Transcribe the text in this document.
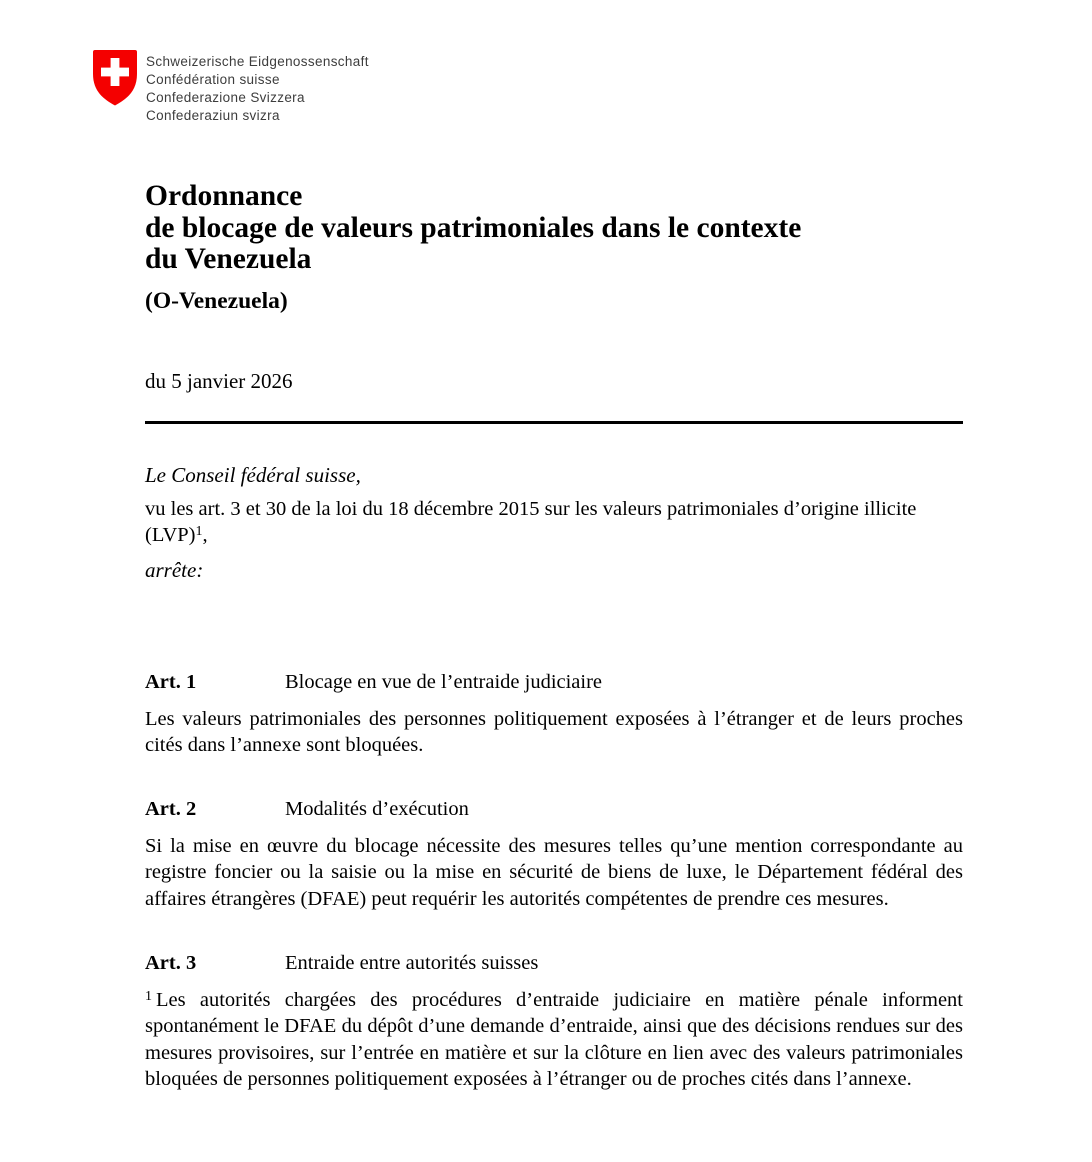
Schweizerische Eidgenossenschaft
Confédération suisse
Confederazione Svizzera
Confederaziun svizra
Ordonnance
de blocage de valeurs patrimoniales dans le contexte
du Venezuela
(O-Venezuela)
du 5 janvier 2026
Le Conseil fédéral suisse,
vu les art. 3 et 30 de la loi du 18 décembre 2015 sur les valeurs patrimoniales d’origine illicite (LVP)$^1$,
arrête:
Art. 1	Blocage en vue de l’entraide judiciaire

Les valeurs patrimoniales des personnes politiquement exposées à l’étranger et de leurs proches cités dans l’annexe sont bloquées.

Art. 2	Modalités d’exécution

Si la mise en œuvre du blocage nécessite des mesures telles qu’une mention correspondante au registre foncier ou la saisie ou la mise en sécurité de biens de luxe, le Département fédéral des affaires étrangères (DFAE) peut requérir les autorités compétentes de prendre ces mesures.

Art. 3	Entraide entre autorités suisses

$^1$ Les autorités chargées des procédures d’entraide judiciaire en matière pénale informent spontanément le DFAE du dépôt d’une demande d’entraide, ainsi que des décisions rendues sur des mesures provisoires, sur l’entrée en matière et sur la clôture en lien avec des valeurs patrimoniales bloquées de personnes politiquement exposées à l’étranger ou de proches cités dans l’annexe.
